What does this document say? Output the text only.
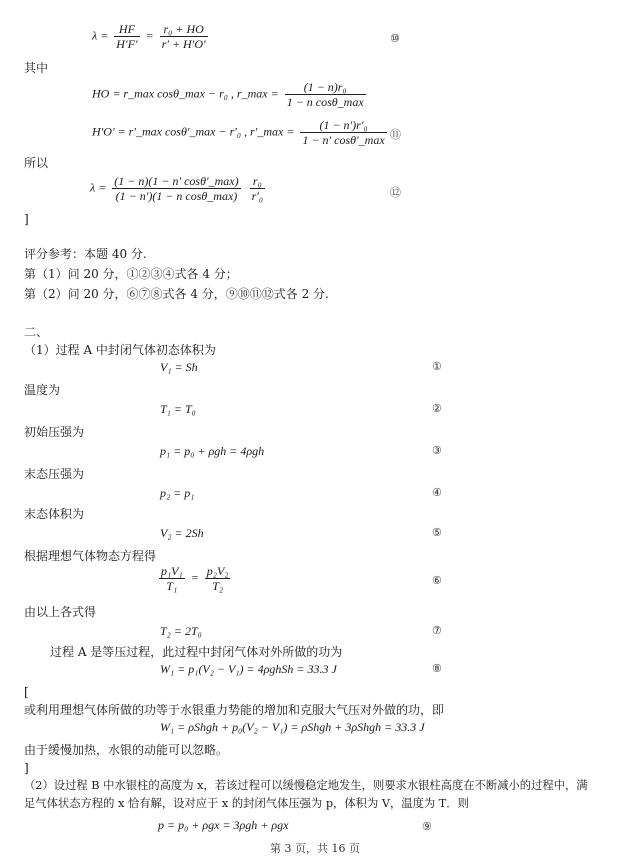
$\lambda = \frac{HF}{H'F'} = \frac{\text{r₀ + HO}}{r' + H'O'}$	⑩
其中
HO = r_max cosθ_max − r₀ , r_max = $\frac{\text{(1 − n)r₀}}{\text{1 − n cosθ\_max}}$
H′O′ = r′_max cosθ′_max − r′₀ , r′_max = $\frac{\text{(1 − n′)r′₀}}{1 - n' \cos\theta'\_\max}$ ⑪
所以
$\lambda = \frac{(1 - n)(1 - n' \cos\theta'\_\max)}{\text{(1 − n′)(1 − n cosθ\_max)}}$
$\frac{\text{r₀}}{\text{r′₀}}$	⑫
]
评分参考：本题 40 分.
第（1）问 20 分，①②③④式各 4 分；
第（2）问 20 分，⑥⑦⑧式各 4 分，⑨⑩⑪⑫式各 2 分.
二、
（1）过程 A 中封闭气体初态体积为
V₁ = Sh	①
温度为
T₁ = T₀	②
初始压强为
p₁ = p₀ + ρgh = 4ρgh	③
末态压强为
p₂ = p₁	④
末态体积为
V₂ = 2Sh	⑤
根据理想气体物态方程得
$\frac{\text{p₁V₁}}{\text{T₁}} = \frac{\text{p₂V₂}}{\text{T₂}}$	⑥
由以上各式得
T₂ = 2T₀	⑦
过程 A 是等压过程，此过程中封闭气体对外所做的功为
W₁ = p₁(V₂ − V₁) = 4ρghSh = 33.3 J	⑧
[
或利用理想气体所做的功等于水银重力势能的增加和克服大气压对外做的功，即
W₁ = ρShgh + p₀(V₂ − V₁) = ρShgh + 3ρShgh = 33.3 J
由于缓慢加热，水银的动能可以忽略。
]
（2）设过程 B 中水银柱的高度为 x，若该过程可以缓慢稳定地发生，则要求水银柱高度在不断减小的过程中，满
足气体状态方程的 x 恰有解，设对应于 x 的封闭气体压强为 p，体积为 V，温度为 T．则
p = p₀ + ρgx = 3ρgh + ρgx	⑨
第 3 页，共 16 页
